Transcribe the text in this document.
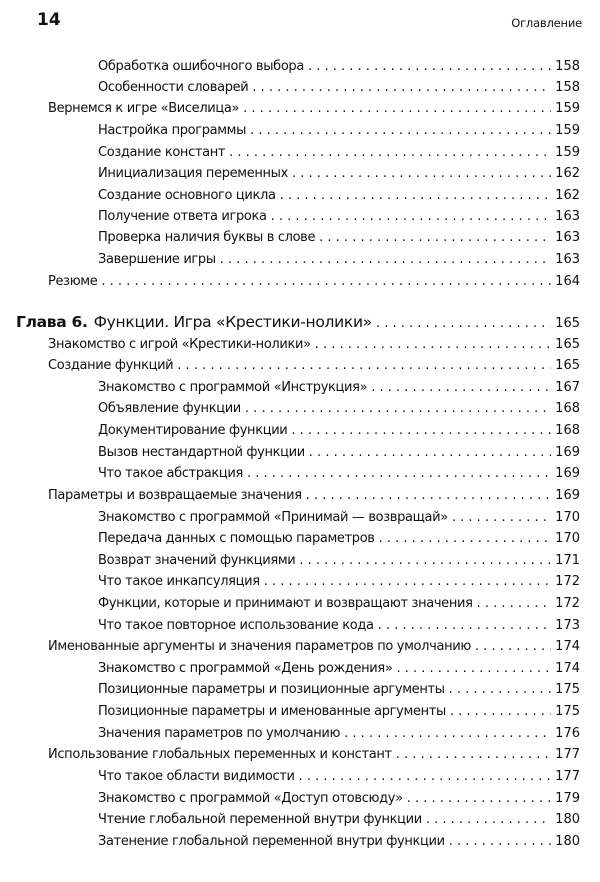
14	Оглавление
Обработка ошибочного выбора . . .	158
Особенности словарей . . .	158
Вернемся к игре «Виселица» . . .	159
Настройка программы . . .	159
Создание констант . . .	159
Инициализация переменных . . .	162
Создание основного цикла . . .	162
Получение ответа игрока . . .	163
Проверка наличия буквы в слове . . .	163
Завершение игры . . .	163
Резюме . . .	164
Глава 6. Функции. Игра «Крестики-нолики» . . .	165
Знакомство с игрой «Крестики-нолики» . . .	165
Создание функций . . .	165
Знакомство с программой «Инструкция» . . .	167
Объявление функции . . .	168
Документирование функции . . .	168
Вызов нестандартной функции . . .	169
Что такое абстракция . . .	169
Параметры и возвращаемые значения . . .	169
Знакомство с программой «Принимай — возвращай» . . .	170
Передача данных с помощью параметров . . .	170
Возврат значений функциями . . .	171
Что такое инкапсуляция . . .	172
Функции, которые и принимают и возвращают значения . . .	172
Что такое повторное использование кода . . .	173
Именованные аргументы и значения параметров по умолчанию . . .	174
Знакомство с программой «День рождения» . . .	174
Позиционные параметры и позиционные аргументы . . .	175
Позиционные параметры и именованные аргументы . . .	175
Значения параметров по умолчанию . . .	176
Использование глобальных переменных и констант . . .	177
Что такое области видимости . . .	177
Знакомство с программой «Доступ отовсюду» . . .	179
Чтение глобальной переменной внутри функции . . .	180
Затенение глобальной переменной внутри функции . . .	180
